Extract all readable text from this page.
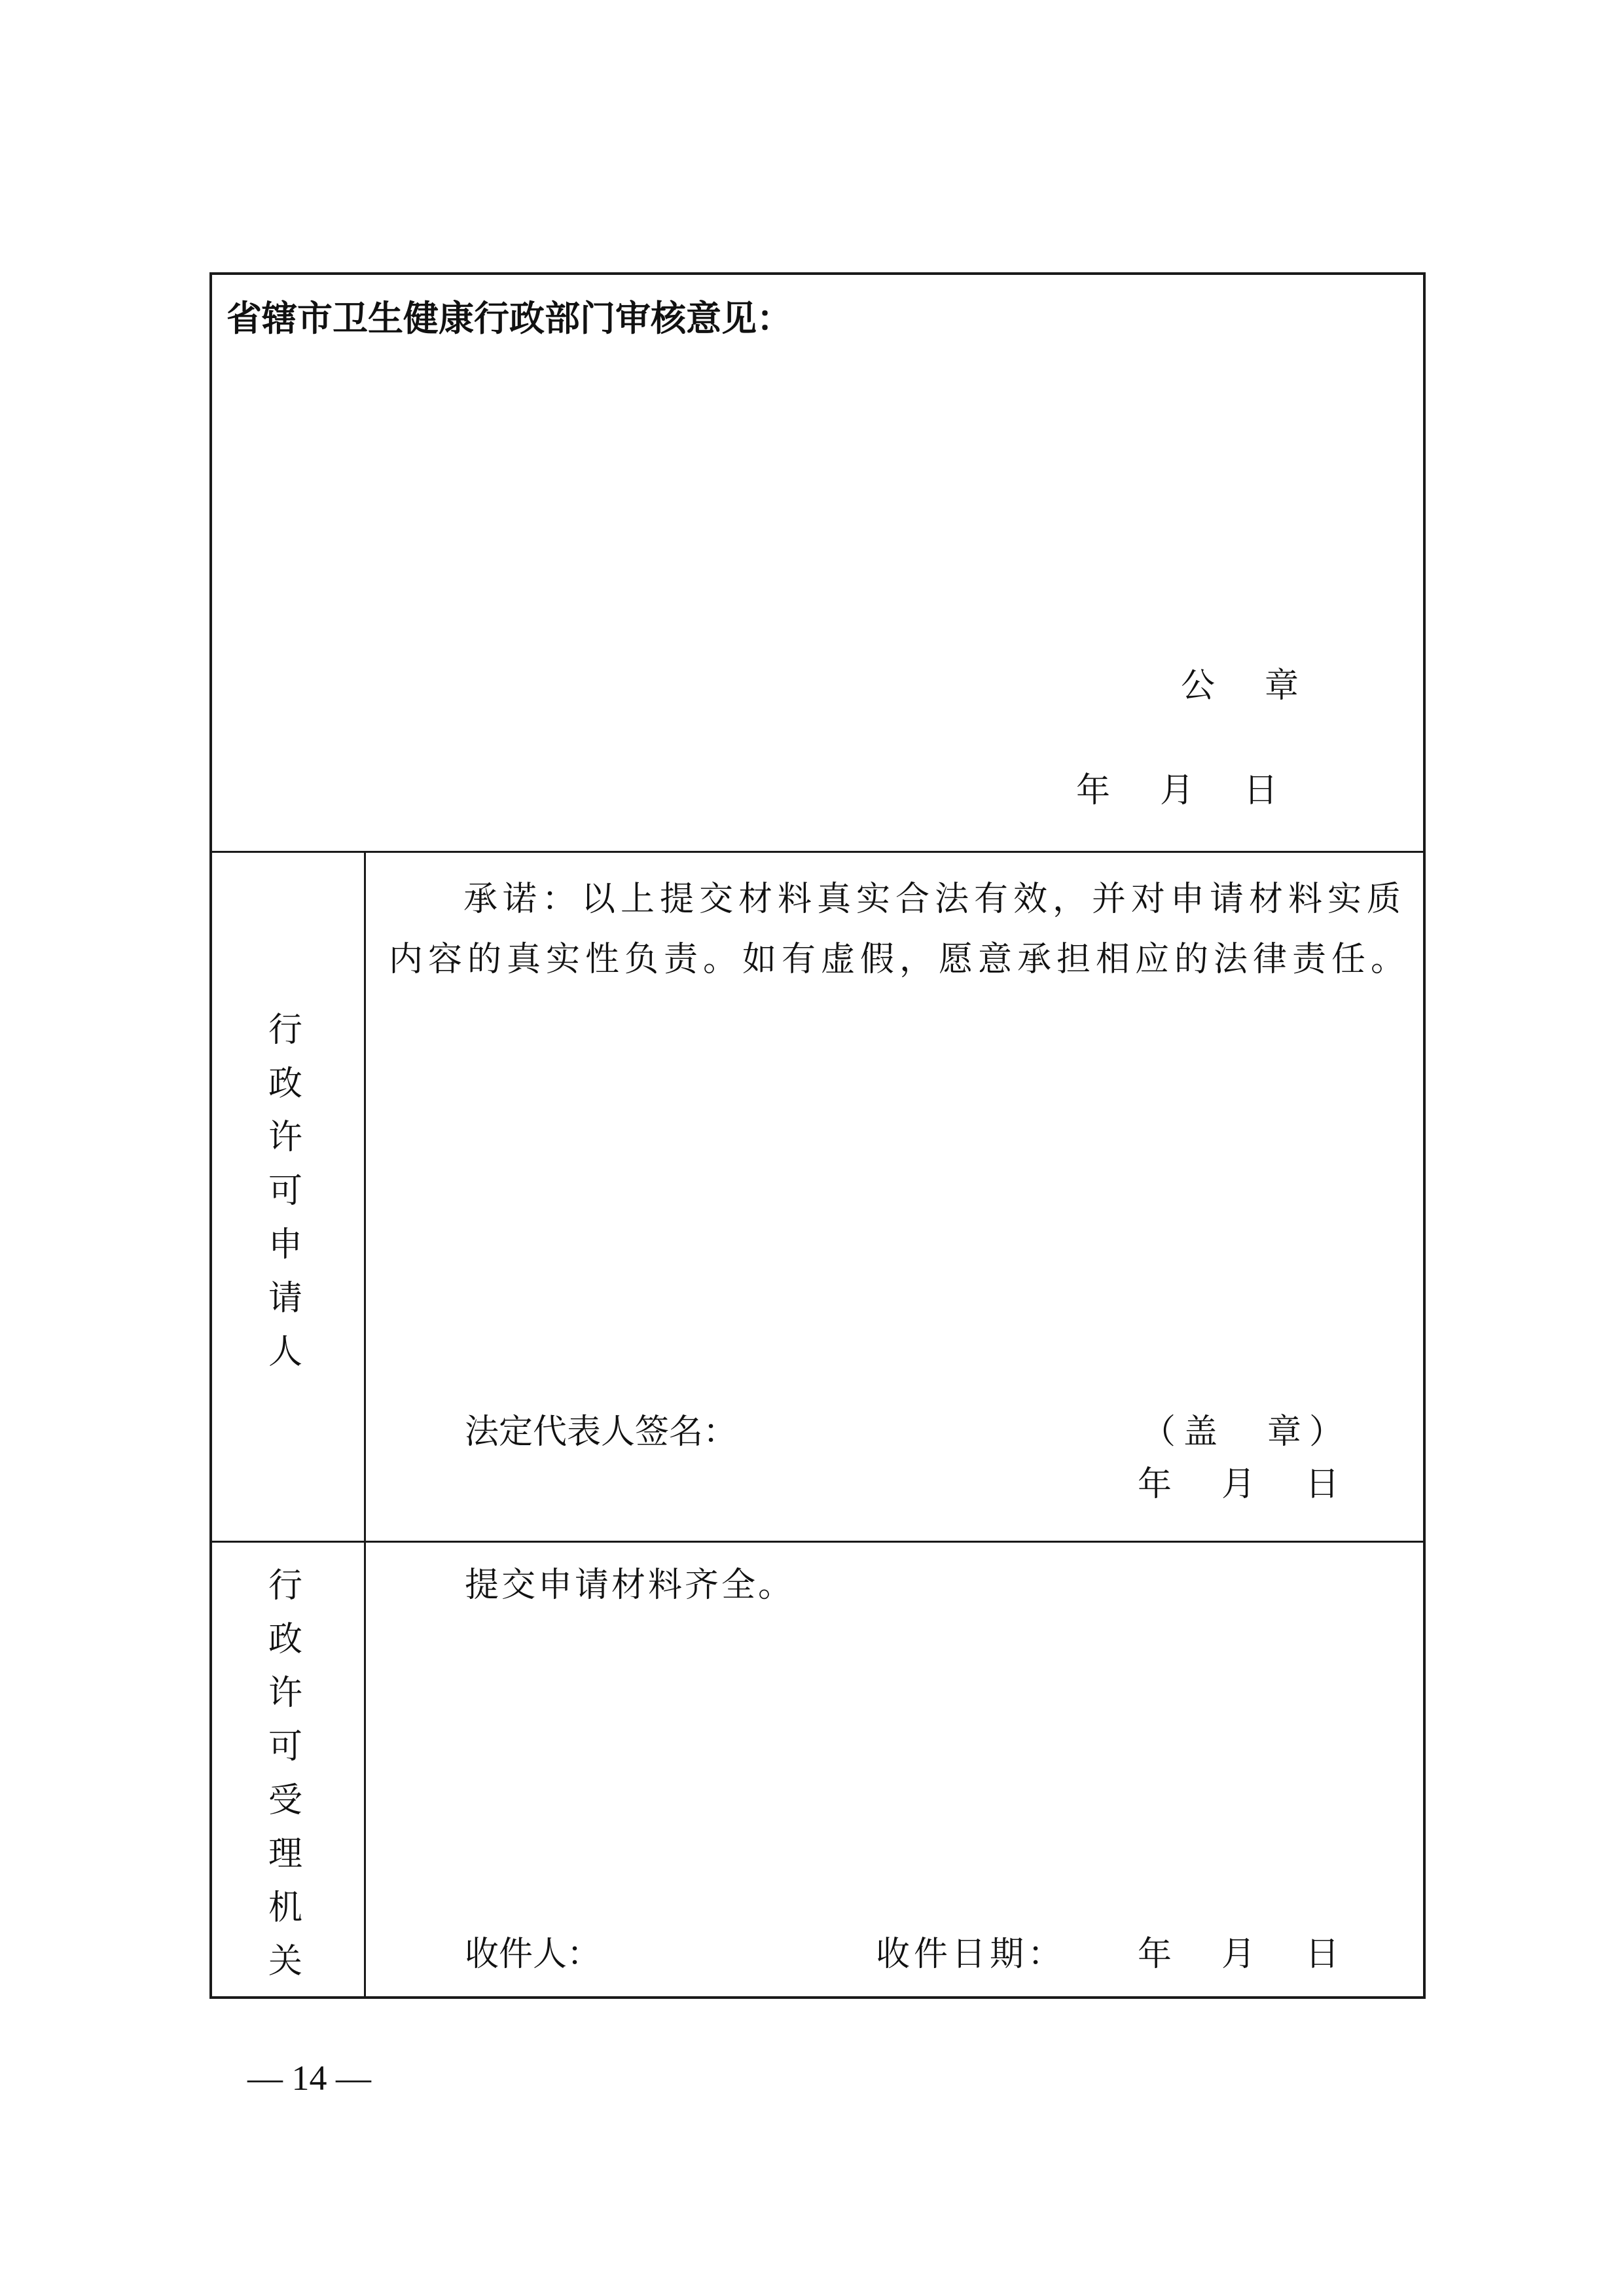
省辖市卫生健康行政部门审核意见：
公　章
年　月　日
行政许可申请人
承诺：以上提交材料真实合法有效，并对申请材料实质内容的真实性负责。如有虚假，愿意承担相应的法律责任。
法定代表人签名：	（盖　章）
年　月　日
行政许可受理机关
提交申请材料齐全。
收件人：	收件日期： 年　月　日
— 14 —
